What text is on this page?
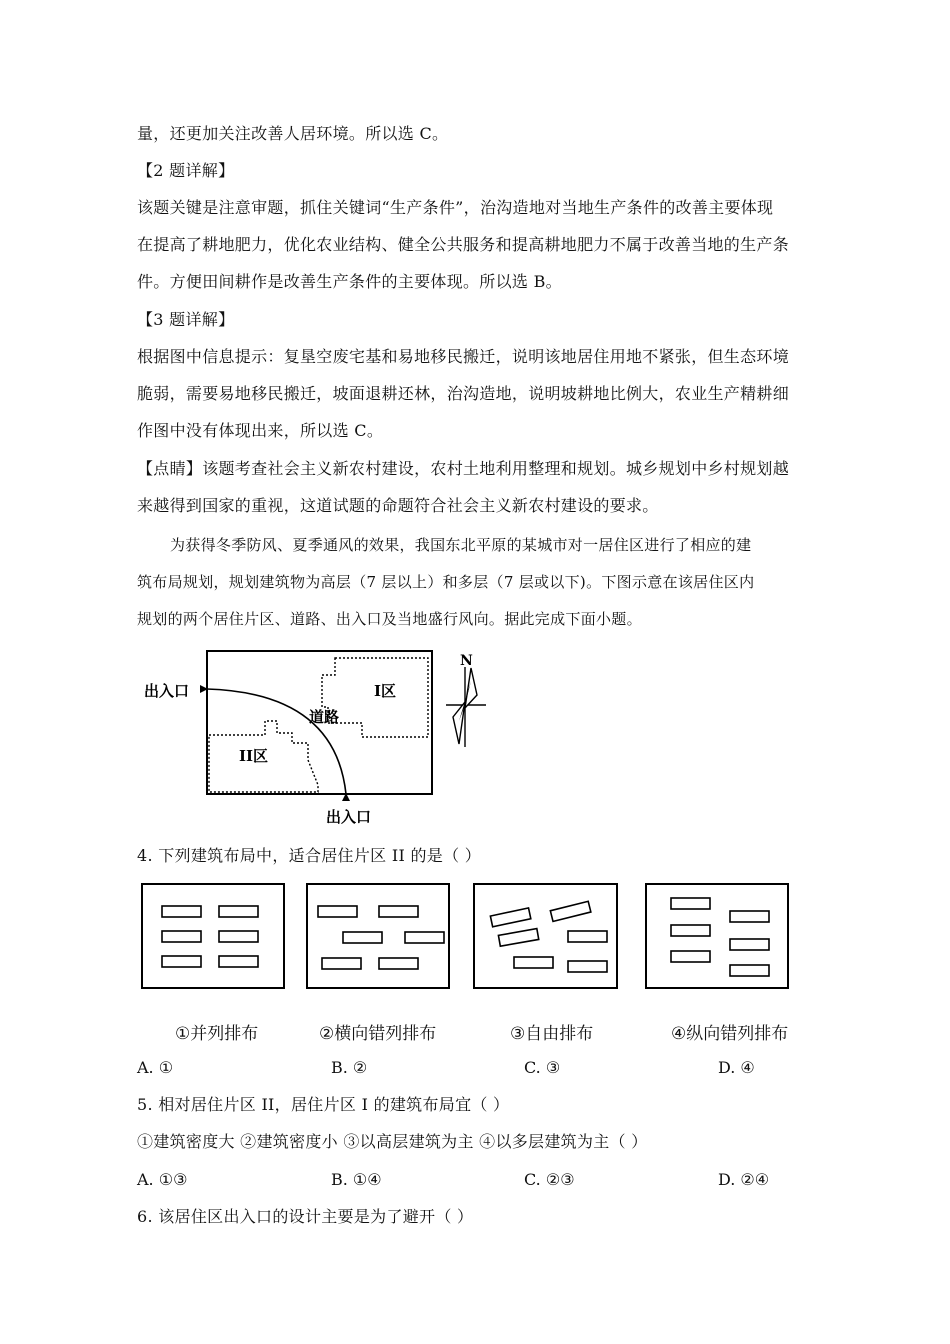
量，还更加关注改善人居环境。所以选 C。
【2 题详解】
该题关键是注意审题，抓住关键词“生产条件”，治沟造地对当地生产条件的改善主要体现
在提高了耕地肥力，优化农业结构、健全公共服务和提高耕地肥力不属于改善当地的生产条
件。方便田间耕作是改善生产条件的主要体现。所以选 B。
【3 题详解】
根据图中信息提示：复垦空废宅基和易地移民搬迁，说明该地居住用地不紧张，但生态环境
脆弱，需要易地移民搬迁，坡面退耕还林，治沟造地，说明坡耕地比例大，农业生产精耕细
作图中没有体现出来，所以选 C。
【点睛】该题考查社会主义新农村建设，农村土地利用整理和规划。城乡规划中乡村规划越
来越得到国家的重视，这道试题的命题符合社会主义新农村建设的要求。
为获得冬季防风、夏季通风的效果，我国东北平原的某城市对一居住区进行了相应的建
筑布局规划，规划建筑物为高层（7 层以上）和多层（7 层或以下)。下图示意在该居住区内
规划的两个居住片区、道路、出入口及当地盛行风向。据此完成下面小题。
出入口
出入口
道路
I区
II区
N
4. 下列建筑布局中，适合居住片区 II 的是（ ）
①并列排布	②横向错列排布	③自由排布	④纵向错列排布
A. ①	B. ②	C. ③	D. ④
5. 相对居住片区 II，居住片区 I 的建筑布局宜（ ）
①建筑密度大 ②建筑密度小 ③以高层建筑为主 ④以多层建筑为主（ ）
A. ①③	B. ①④	C. ②③	D. ②④
6. 该居住区出入口的设计主要是为了避开（ ）
